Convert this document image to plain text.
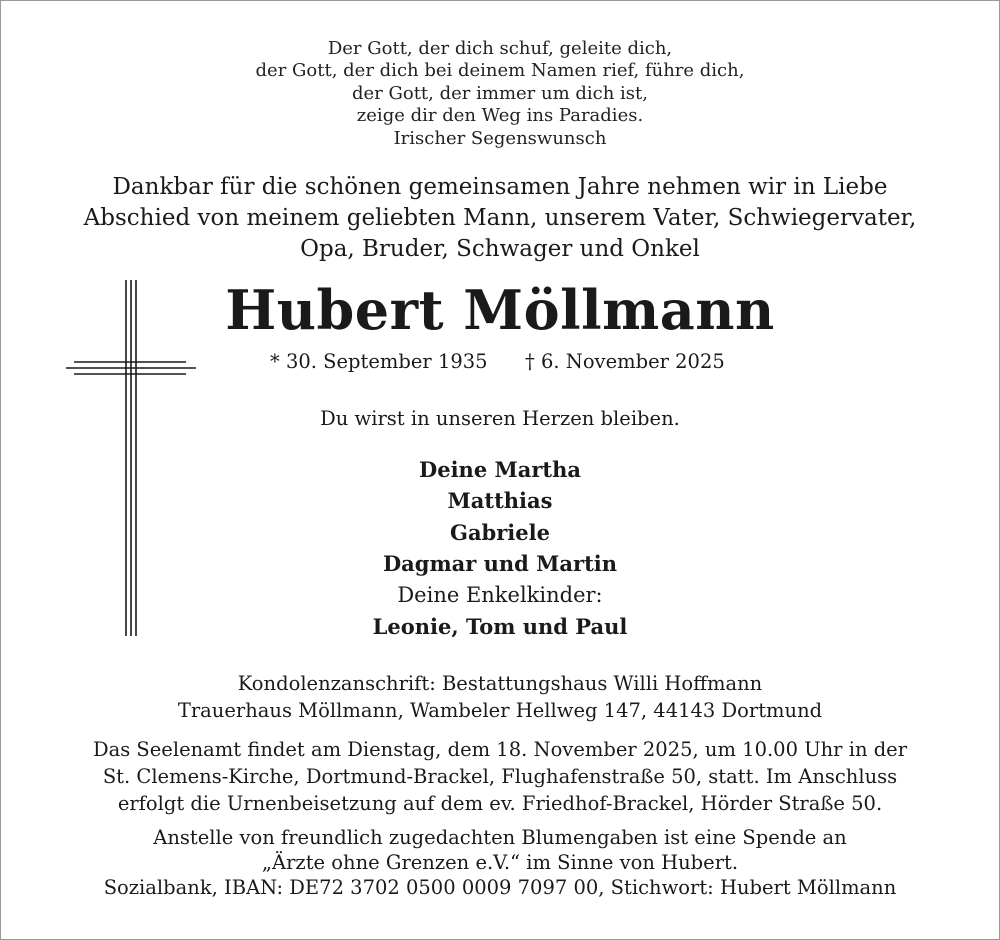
Der Gott, der dich schuf, geleite dich,
der Gott, der dich bei deinem Namen rief, führe dich,
der Gott, der immer um dich ist,
zeige dir den Weg ins Paradies.
Irischer Segenswunsch
Dankbar für die schönen gemeinsamen Jahre nehmen wir in Liebe
Abschied von meinem geliebten Mann, unserem Vater, Schwiegervater,
Opa, Bruder, Schwager und Onkel
Hubert Möllmann
* 30. September 1935 † 6. November 2025
Du wirst in unseren Herzen bleiben.
Deine Martha
Matthias
Gabriele
Dagmar und Martin
Deine Enkelkinder:
Leonie, Tom und Paul
Kondolenzanschrift: Bestattungshaus Willi Hoffmann
Trauerhaus Möllmann, Wambeler Hellweg 147, 44143 Dortmund
Das Seelenamt findet am Dienstag, dem 18. November 2025, um 10.00 Uhr in der
St. Clemens-Kirche, Dortmund-Brackel, Flughafenstraße 50, statt. Im Anschluss
erfolgt die Urnenbeisetzung auf dem ev. Friedhof-Brackel, Hörder Straße 50.
Anstelle von freundlich zugedachten Blumengaben ist eine Spende an
„Ärzte ohne Grenzen e.V.“ im Sinne von Hubert.
Sozialbank, IBAN: DE72 3702 0500 0009 7097 00, Stichwort: Hubert Möllmann
